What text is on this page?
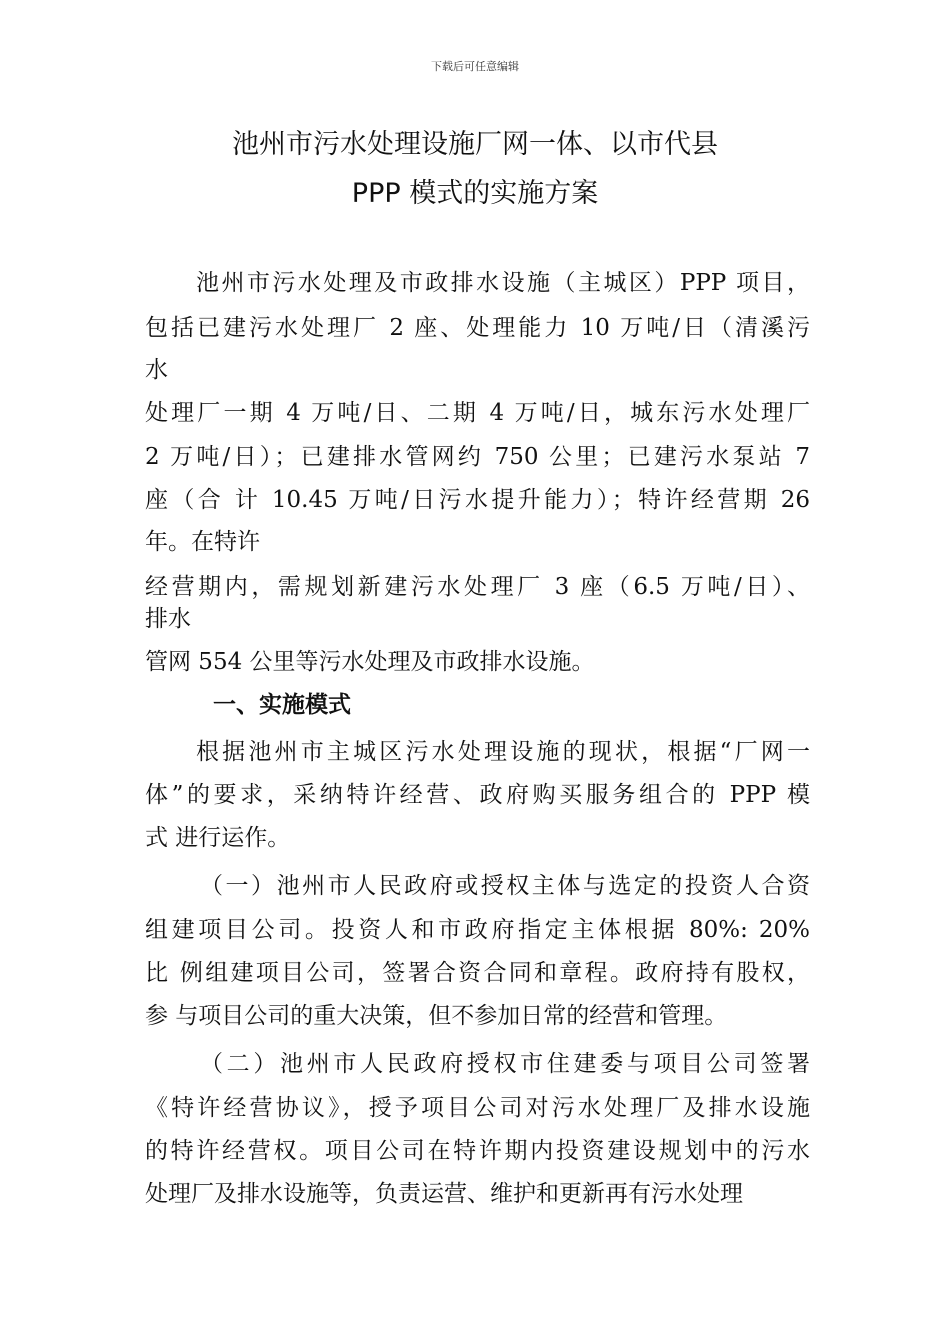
下载后可任意编辑
池州市污水处理设施厂网一体、以市代县
PPP 模式的实施方案
池州市污水处理及市政排水设施（主城区）PPP 项目，
包括已建污水处理厂 2 座、处理能力 10 万吨/日（清溪污
水
处理厂一期 4 万吨/日、二期 4 万吨/日，城东污水处理厂
2 万吨/日）；已建排水管网约 750 公里；已建污水泵站 7
座（合 计 10.45 万吨/日污水提升能力）；特许经营期 26
年。在特许
经营期内，需规划新建污水处理厂 3 座（6.5 万吨/日）、
排水
管网 554 公里等污水处理及市政排水设施。
一、实施模式
根据池州市主城区污水处理设施的现状，根据“厂网一
体”的要求，采纳特许经营、政府购买服务组合的 PPP 模
式 进行运作。
（一）池州市人民政府或授权主体与选定的投资人合资
组建项目公司。投资人和市政府指定主体根据 80%: 20%
比 例组建项目公司，签署合资合同和章程。政府持有股权，
参 与项目公司的重大决策，但不参加日常的经营和管理。
（二）池州市人民政府授权市住建委与项目公司签署
《特许经营协议》，授予项目公司对污水处理厂及排水设施
的特许经营权。项目公司在特许期内投资建设规划中的污水
处理厂及排水设施等，负责运营、维护和更新再有污水处理
